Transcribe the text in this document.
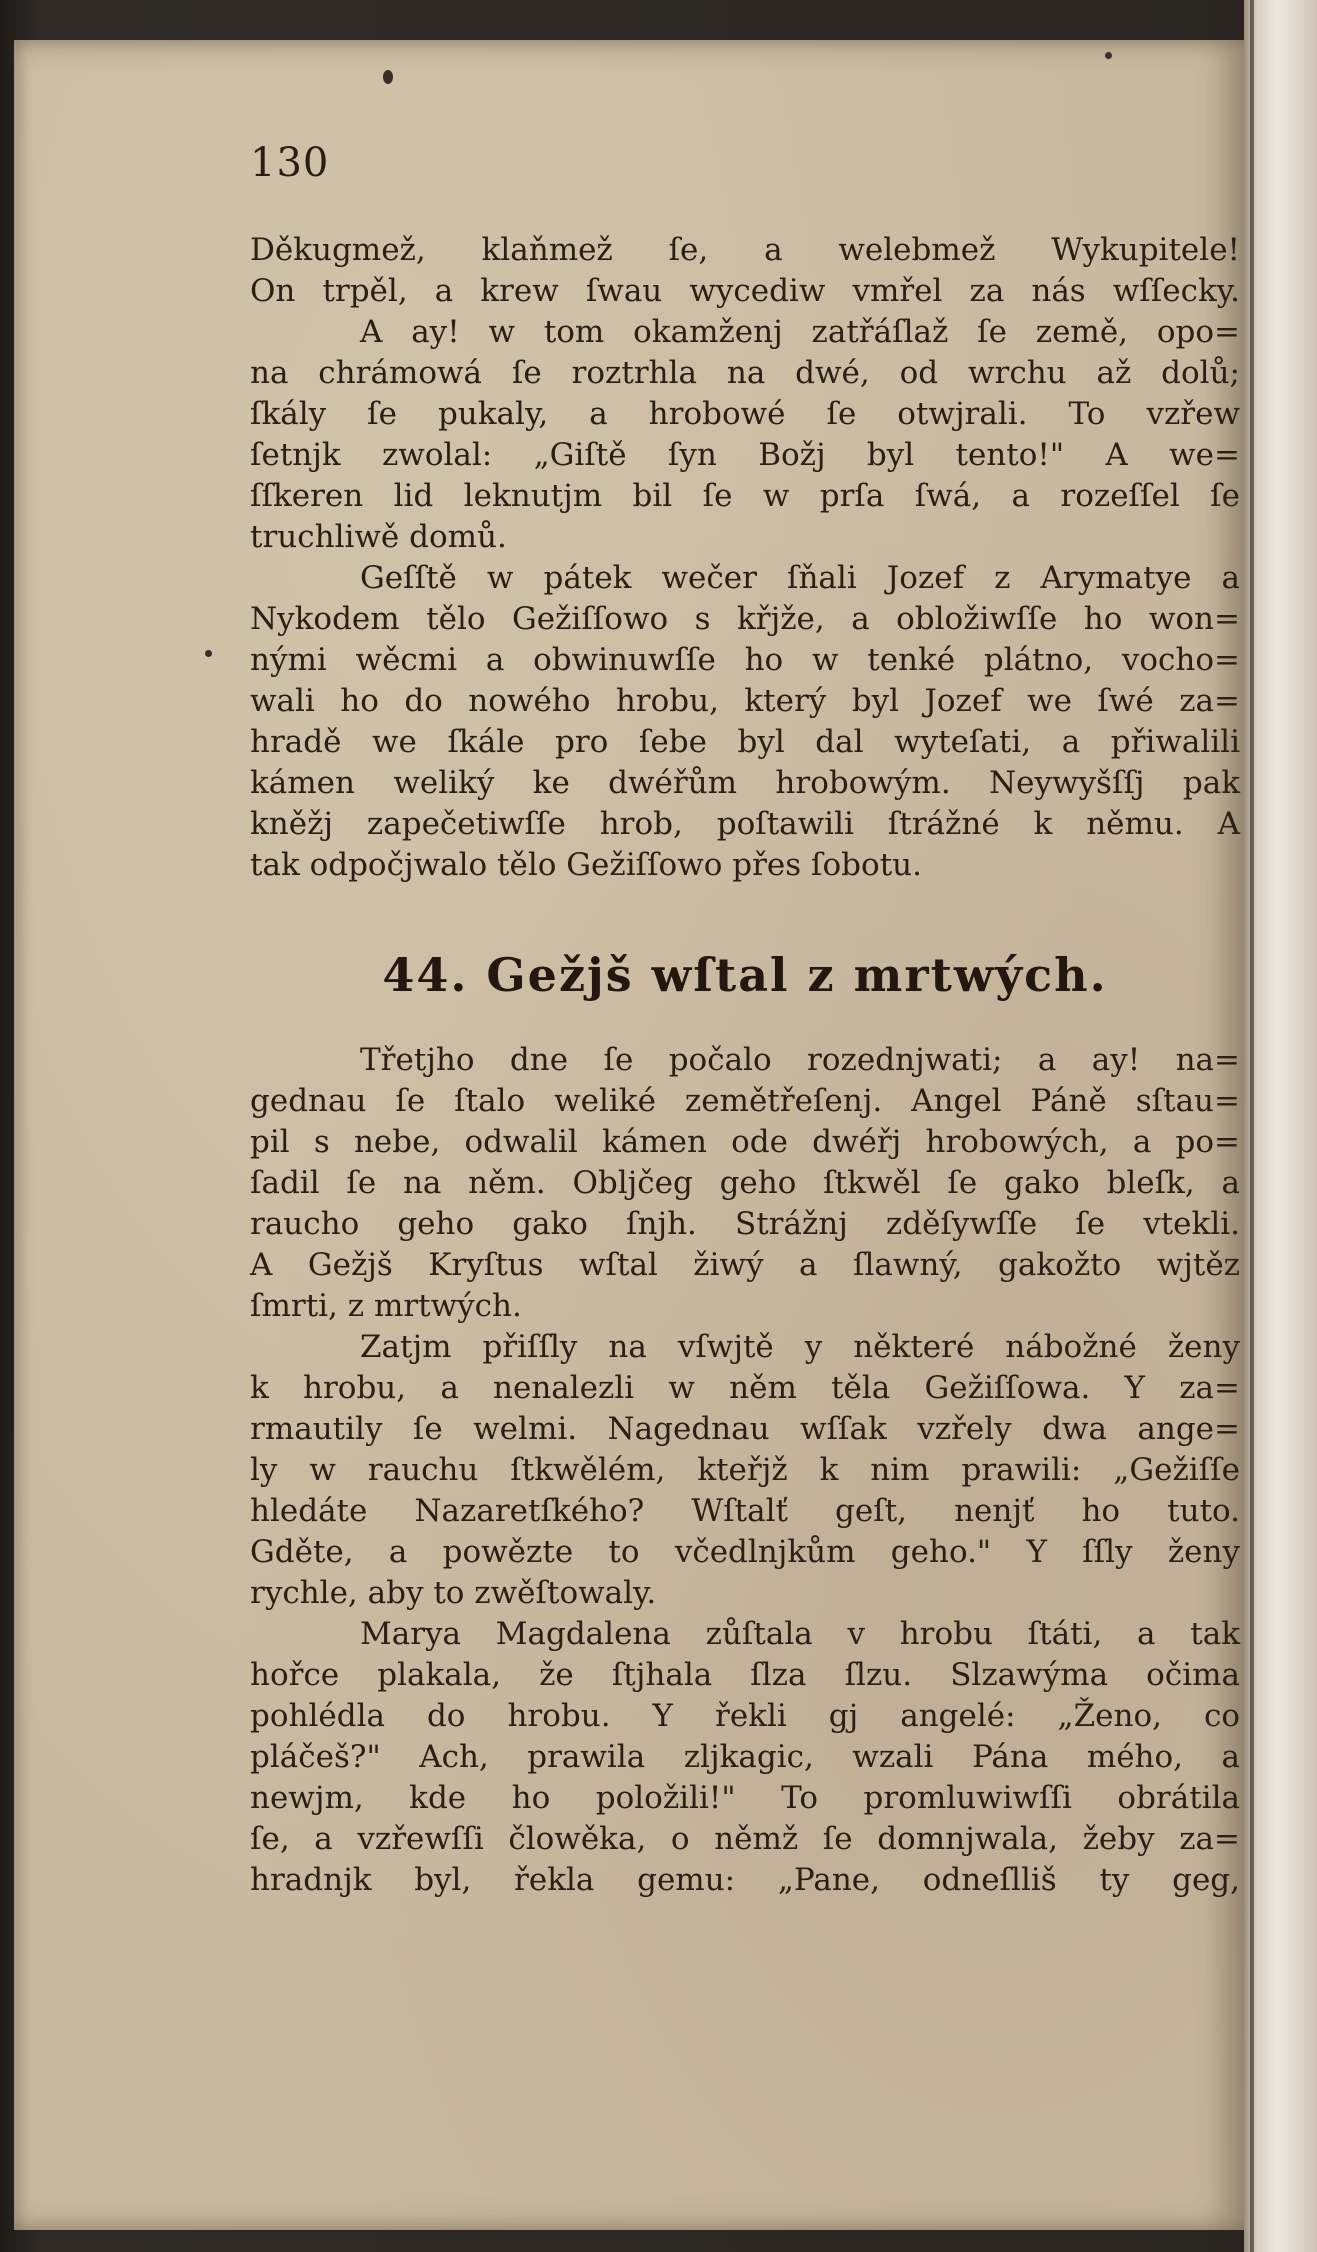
130
Děkugmež, klaňmež ſe, a welebmež Wykupitele!
On trpěl, a krew ſwau wycediw vmřel za nás wſſecky.
A ay! w tom okamženj zatřáſlaž ſe země, opo=
na chrámowá ſe roztrhla na dwé, od wrchu až dolů;
ſkály ſe pukaly, a hrobowé ſe otwjrali. To vzřew
ſetnjk zwolal: „Giſtě ſyn Božj byl tento!" A we=
ſſkeren lid leknutjm bil ſe w prſa ſwá, a rozeſſel ſe
truchliwě domů.
Geſſtě w pátek wečer ſňali Jozef z Arymatye a
Nykodem tělo Gežiſſowo s křjže, a obložiwſſe ho won=
nými wěcmi a obwinuwſſe ho w tenké plátno, vocho=
wali ho do nowého hrobu, který byl Jozef we ſwé za=
hradě we ſkále pro ſebe byl dal wyteſati, a přiwalili
kámen weliký ke dwéřům hrobowým. Neywyšſſj pak
kněžj zapečetiwſſe hrob, poſtawili ſtrážné k němu. A
tak odpočjwalo tělo Gežiſſowo přes ſobotu.
44. Gežjš wſtal z mrtwých.
Třetjho dne ſe počalo rozednjwati; a ay! na=
gednau ſe ſtalo weliké zemětřeſenj. Angel Páně sſtau=
pil s nebe, odwalil kámen ode dwéřj hrobowých, a po=
ſadil ſe na něm. Obljčeg geho ſtkwěl ſe gako bleſk, a
raucho geho gako ſnjh. Strážnj zděſywſſe ſe vtekli.
A Gežjš Kryſtus wſtal žiwý a ſlawný, gakožto wjtěz
ſmrti, z mrtwých.
Zatjm přiſſly na vſwjtě y některé nábožné ženy
k hrobu, a nenalezli w něm těla Gežiſſowa. Y za=
rmautily ſe welmi. Nagednau wſſak vzřely dwa ange=
ly w rauchu ſtkwělém, kteřjž k nim prawili: „Gežiſſe
hledáte Nazaretſkého? Wſtalť geſt, nenjť ho tuto.
Gděte, a powězte to včedlnjkům geho." Y ſſly ženy
rychle, aby to zwěſtowaly.
Marya Magdalena zůſtala v hrobu ſtáti, a tak
hořce plakala, že ſtjhala ſlza ſlzu. Slzawýma očima
pohlédla do hrobu. Y řekli gj angelé: „Ženo, co
pláčeš?" Ach, prawila zljkagic, wzali Pána mého, a
newjm, kde ho položili!" To promluwiwſſi obrátila
ſe, a vzřewſſi člowěka, o němž ſe domnjwala, žeby za=
hradnjk byl, řekla gemu: „Pane, odneſlliš ty geg,
